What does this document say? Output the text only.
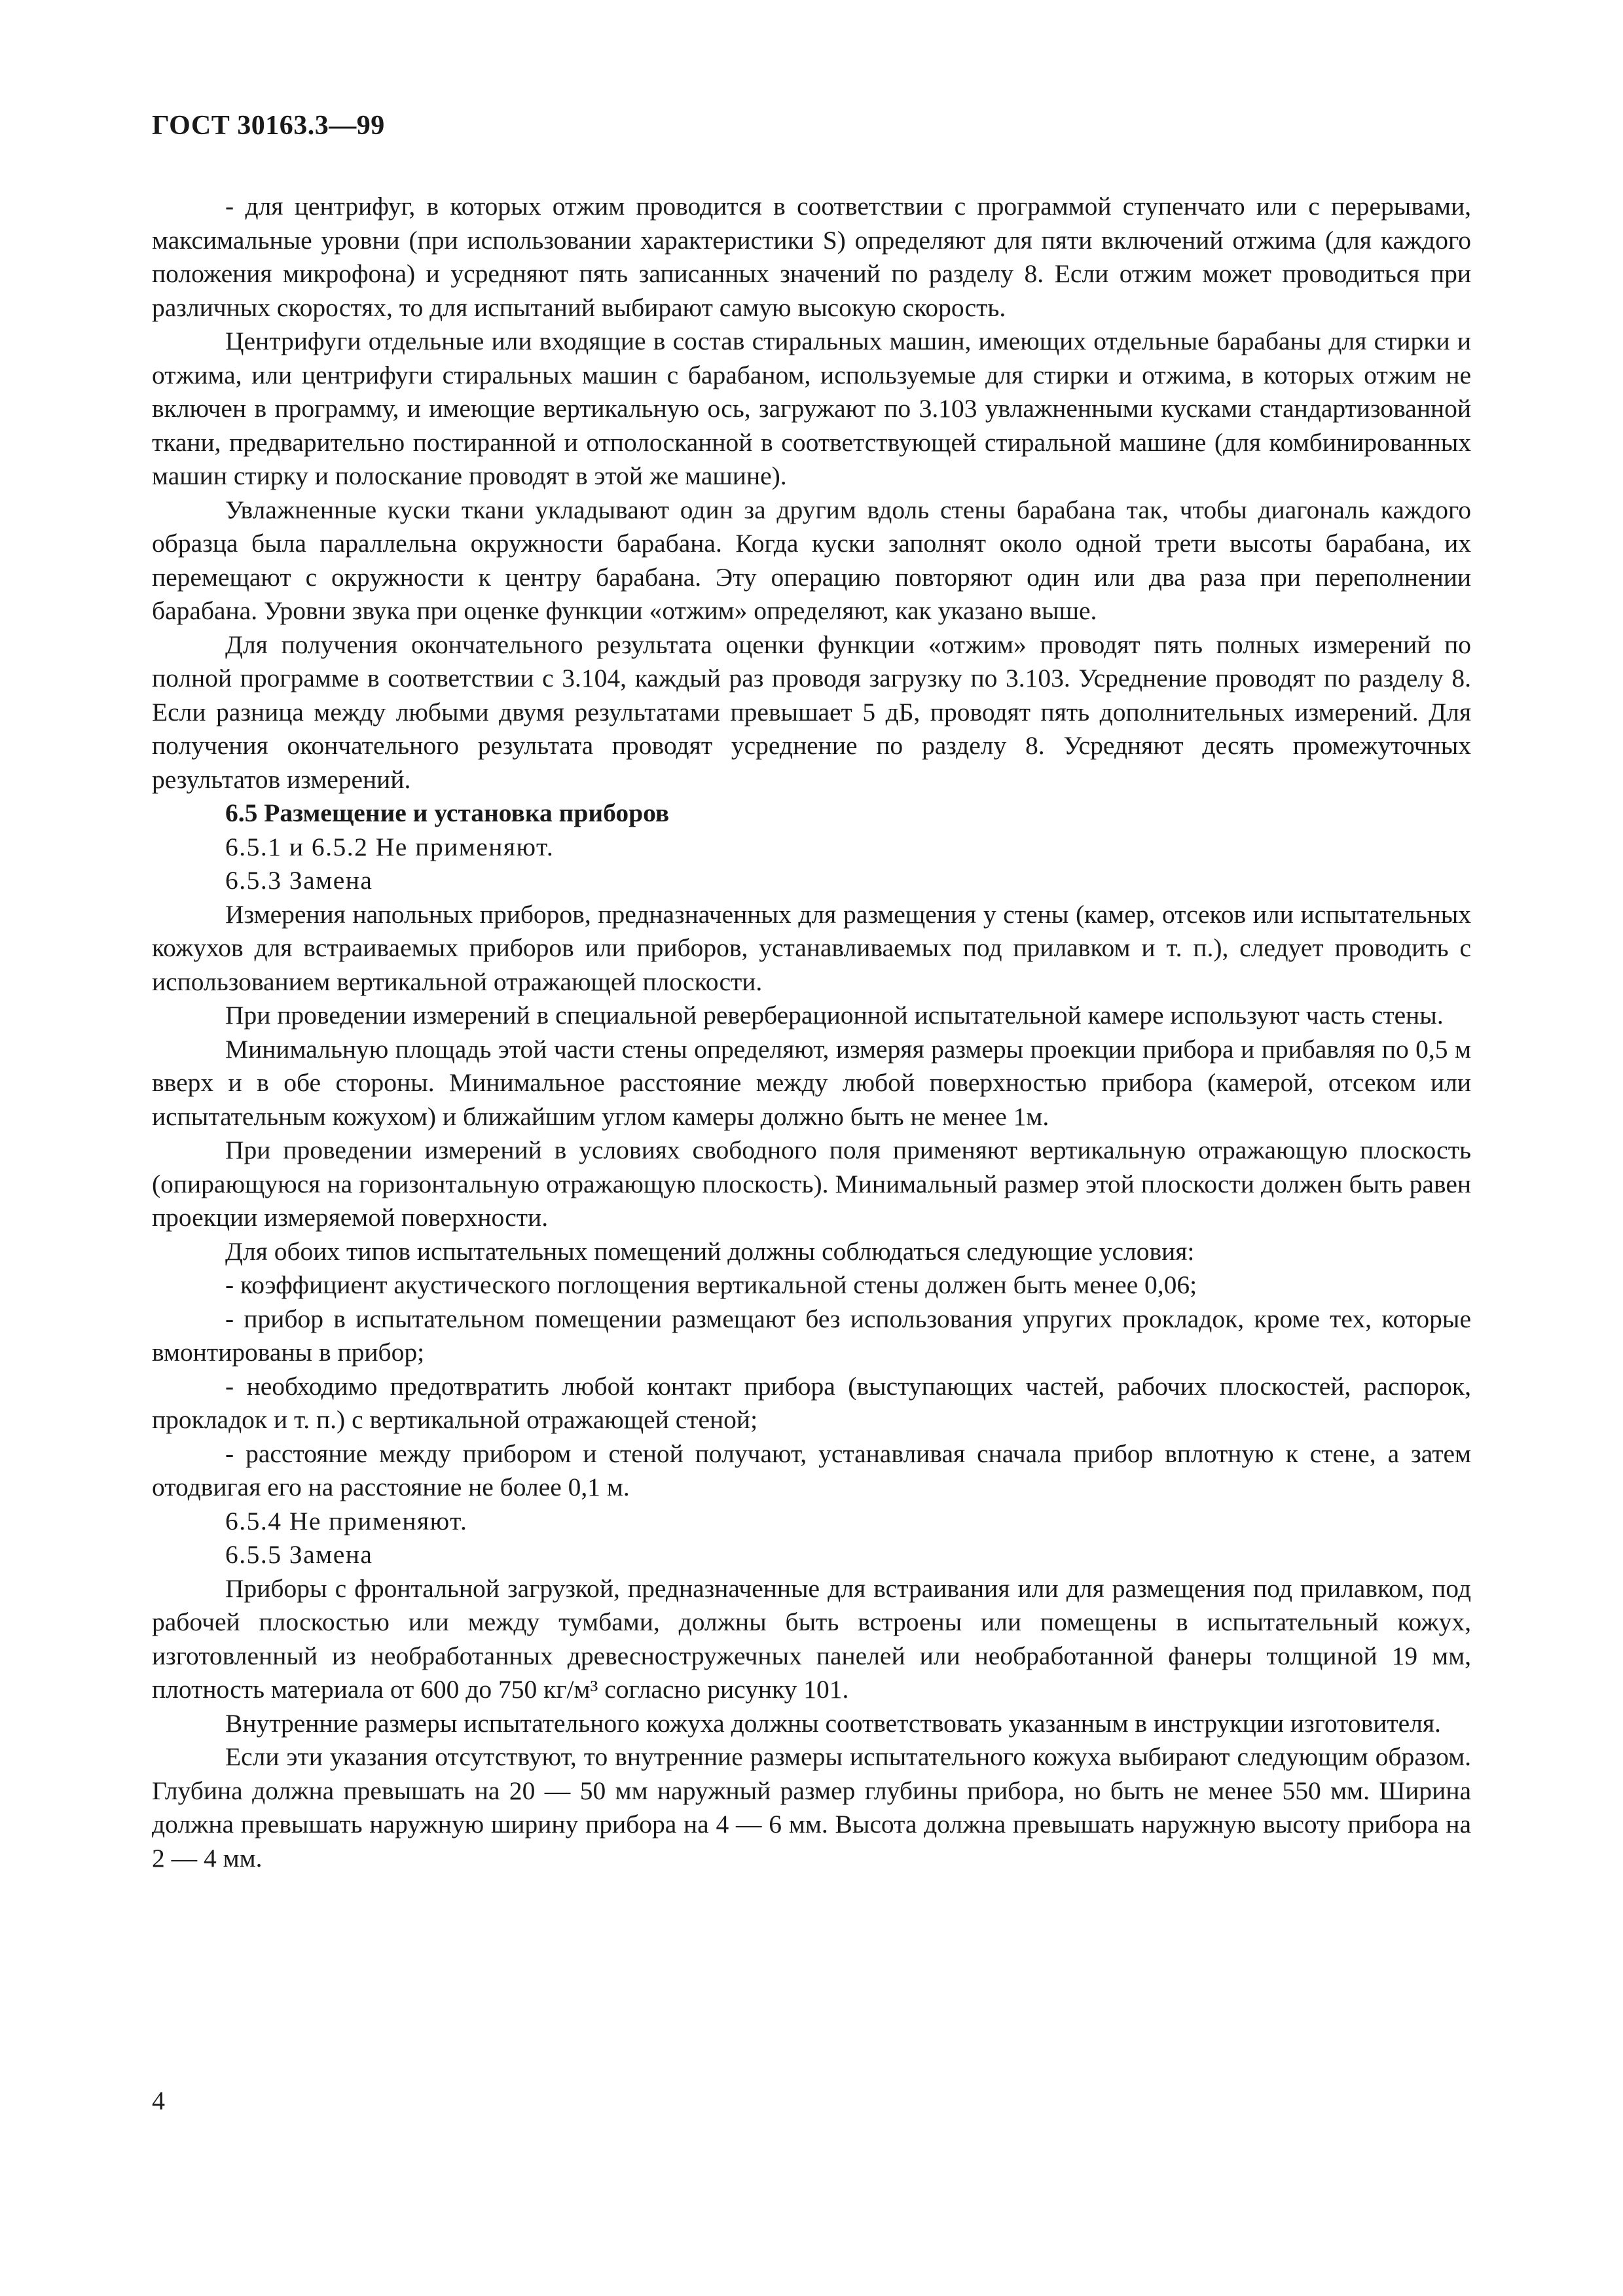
ГОСТ 30163.3—99

- для центрифуг, в которых отжим проводится в соответствии с программой ступенчато или с перерывами, максимальные уровни (при использовании характеристики S) определяют для пяти включений отжима (для каждого положения микрофона) и усредняют пять записанных значений по разделу 8. Если отжим может проводиться при различных скоростях, то для испытаний выбирают самую высокую скорость.

Центрифуги отдельные или входящие в состав стиральных машин, имеющих отдельные барабаны для стирки и отжима, или центрифуги стиральных машин с барабаном, используемые для стирки и отжима, в которых отжим не включен в программу, и имеющие вертикальную ось, загружают по 3.103 увлажненными кусками стандартизованной ткани, предварительно постиранной и отполосканной в соответствующей стиральной машине (для комбинированных машин стирку и полоскание проводят в этой же машине).

Увлажненные куски ткани укладывают один за другим вдоль стены барабана так, чтобы диагональ каждого образца была параллельна окружности барабана. Когда куски заполнят около одной трети высоты барабана, их перемещают с окружности к центру барабана. Эту операцию повторяют один или два раза при переполнении барабана. Уровни звука при оценке функции «отжим» определяют, как указано выше.

Для получения окончательного результата оценки функции «отжим» проводят пять полных измерений по полной программе в соответствии с 3.104, каждый раз проводя загрузку по 3.103. Усреднение проводят по разделу 8. Если разница между любыми двумя результатами превышает 5 дБ, проводят пять дополнительных измерений. Для получения окончательного результата проводят усреднение по разделу 8. Усредняют десять промежуточных результатов измерений.

6.5 Размещение и установка приборов

6.5.1 и 6.5.2 Не применяют.

6.5.3 Замена

Измерения напольных приборов, предназначенных для размещения у стены (камер, отсеков или испытательных кожухов для встраиваемых приборов или приборов, устанавливаемых под прилавком и т. п.), следует проводить с использованием вертикальной отражающей плоскости.

При проведении измерений в специальной реверберационной испытательной камере используют часть стены.

Минимальную площадь этой части стены определяют, измеряя размеры проекции прибора и прибавляя по 0,5 м вверх и в обе стороны. Минимальное расстояние между любой поверхностью прибора (камерой, отсеком или испытательным кожухом) и ближайшим углом камеры должно быть не менее 1м.

При проведении измерений в условиях свободного поля применяют вертикальную отражающую плоскость (опирающуюся на горизонтальную отражающую плоскость). Минимальный размер этой плоскости должен быть равен проекции измеряемой поверхности.

Для обоих типов испытательных помещений должны соблюдаться следующие условия:

- коэффициент акустического поглощения вертикальной стены должен быть менее 0,06;

- прибор в испытательном помещении размещают без использования упругих прокладок, кроме тех, которые вмонтированы в прибор;

- необходимо предотвратить любой контакт прибора (выступающих частей, рабочих плоскостей, распорок, прокладок и т. п.) с вертикальной отражающей стеной;

- расстояние между прибором и стеной получают, устанавливая сначала прибор вплотную к стене, а затем отодвигая его на расстояние не более 0,1 м.

6.5.4 Не применяют.

6.5.5 Замена

Приборы с фронтальной загрузкой, предназначенные для встраивания или для размещения под прилавком, под рабочей плоскостью или между тумбами, должны быть встроены или помещены в испытательный кожух, изготовленный из необработанных древесностружечных панелей или необработанной фанеры толщиной 19 мм, плотность материала от 600 до 750 кг/м³ согласно рисунку 101.

Внутренние размеры испытательного кожуха должны соответствовать указанным в инструкции изготовителя.

Если эти указания отсутствуют, то внутренние размеры испытательного кожуха выбирают следующим образом. Глубина должна превышать на 20 — 50 мм наружный размер глубины прибора, но быть не менее 550 мм. Ширина должна превышать наружную ширину прибора на 4 — 6 мм. Высота должна превышать наружную высоту прибора на 2 — 4 мм.

4
